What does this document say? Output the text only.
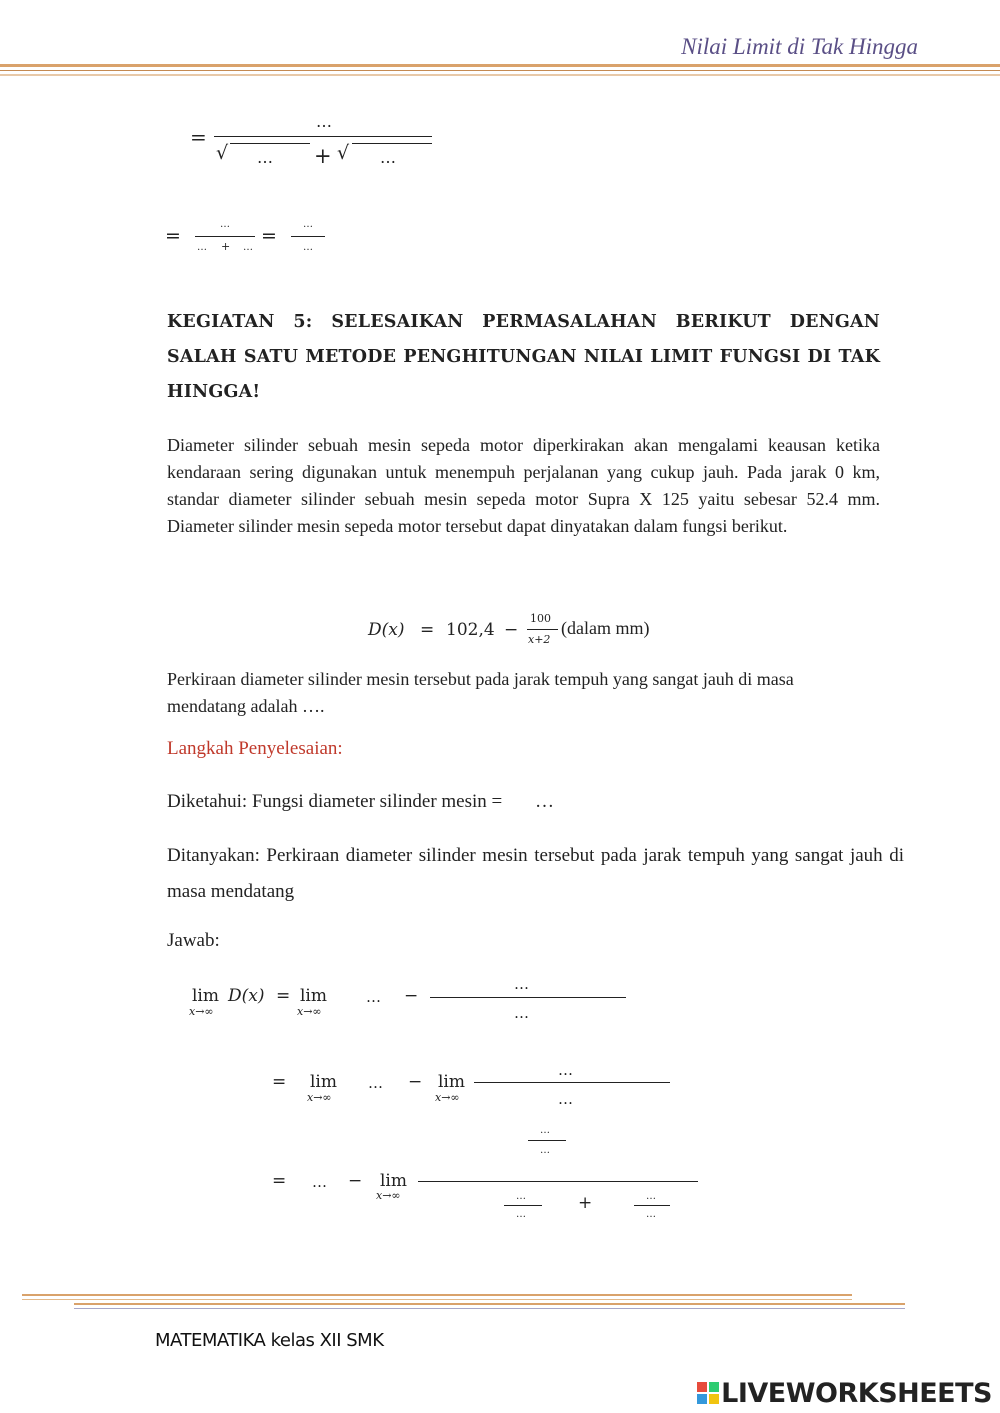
Nilai Limit di Tak Hingga
=
…
√ … + √ …
=
…
… + …
=
…
…
KEGIATAN 5: SELESAIKAN PERMASALAHAN BERIKUT DENGAN SALAH SATU METODE PENGHITUNGAN NILAI LIMIT FUNGSI DI TAK HINGGA!
Diameter silinder sebuah mesin sepeda motor diperkirakan akan mengalami keausan ketika kendaraan sering digunakan untuk menempuh perjalanan yang cukup jauh. Pada jarak 0 km, standar diameter silinder sebuah mesin sepeda motor Supra X 125 yaitu sebesar 52.4 mm. Diameter silinder mesin sepeda motor tersebut dapat dinyatakan dalam fungsi berikut.
D(x) = 102,4 −
100
x+2
(dalam mm)
Perkiraan diameter silinder mesin tersebut pada jarak tempuh yang sangat jauh di masa mendatang adalah ….
Langkah Penyelesaian:
Diketahui: Fungsi diameter silinder mesin = …
Ditanyakan: Perkiraan diameter silinder mesin tersebut pada jarak tempuh yang sangat jauh di masa mendatang
Jawab:
lim
x→∞
D(x) = lim
x→∞
… −
…
…
= lim
x→∞
… − lim
x→∞
…
…
…
…
= … − lim
x→∞	…
…
+	…
…
MATEMATIKA kelas XII SMK
LIVEWORKSHEETS
